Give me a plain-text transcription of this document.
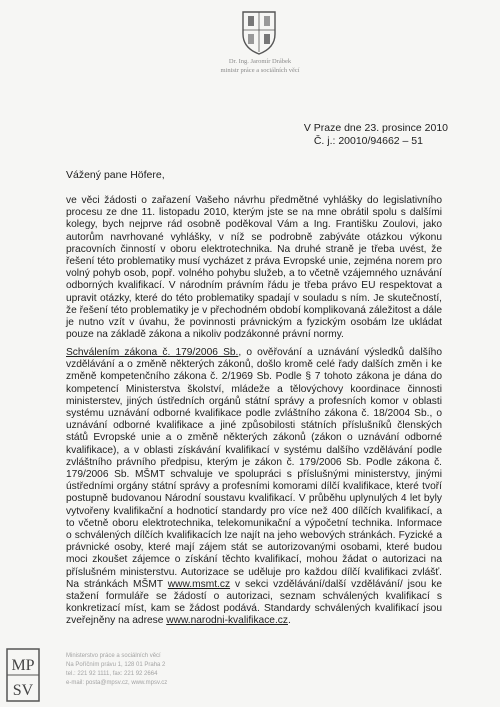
Dr. Ing. Jaromír Drábek
ministr práce a sociálních věcí
V Praze dne 23. prosince 2010
Č. j.: 20010/94662 – 51
Vážený pane Höfere,

ve věci žádosti o zařazení Vašeho návrhu předmětné vyhlášky do legislativního procesu ze dne 11. listopadu 2010, kterým jste se na mne obrátil spolu s dalšími kolegy, bych nejprve rád osobně poděkoval Vám a Ing. Františku Zoulovi, jako autorům navrhované vyhlášky, v níž se podrobně zabýváte otázkou výkonu pracovních činností v oboru elektrotechnika. Na druhé straně je třeba uvést, že řešení této problematiky musí vycházet z práva Evropské unie, zejména norem pro volný pohyb osob, popř. volného pohybu služeb, a to včetně vzájemného uznávání odborných kvalifikací. V národním právním řádu je třeba právo EU respektovat a upravit otázky, které do této problematiky spadají v souladu s ním. Je skutečností, že řešení této problematiky je v přechodném období komplikovaná záležitost a dále je nutno vzít v úvahu, že povinnosti právnickým a fyzickým osobám lze ukládat pouze na základě zákona a nikoliv podzákonné právní normy.

Schválením zákona č. 179/2006 Sb., o ověřování a uznávání výsledků dalšího vzdělávání a o změně některých zákonů, došlo kromě celé řady dalších změn i ke změně kompetenčního zákona č. 2/1969 Sb. Podle § 7 tohoto zákona je dána do kompetencí Ministerstva školství, mládeže a tělovýchovy koordinace činnosti ministerstev, jiných ústředních orgánů státní správy a profesních komor v oblasti systému uznávání odborné kvalifikace podle zvláštního zákona č. 18/2004 Sb., o uznávání odborné kvalifikace a jiné způsobilosti státních příslušníků členských států Evropské unie a o změně některých zákonů (zákon o uznávání odborné kvalifikace), a v oblasti získávání kvalifikací v systému dalšího vzdělávání podle zvláštního právního předpisu, kterým je zákon č. 179/2006 Sb. Podle zákona č. 179/2006 Sb. MŠMT schvaluje ve spolupráci s příslušnými ministerstvy, jinými ústředními orgány státní správy a profesními komorami dílčí kvalifikace, které tvoří postupně budovanou Národní soustavu kvalifikací. V průběhu uplynulých 4 let byly vytvořeny kvalifikační a hodnoticí standardy pro více než 400 dílčích kvalifikací, a to včetně oboru elektrotechnika, telekomunikační a výpočetní technika. Informace o schválených dílčích kvalifikacích lze najít na jeho webových stránkách. Fyzické a právnické osoby, které mají zájem stát se autorizovanými osobami, které budou moci zkoušet zájemce o získání těchto kvalifikací, mohou žádat o autorizaci na příslušném ministerstvu. Autorizace se uděluje pro každou dílčí kvalifikaci zvlášť. Na stránkách MŠMT www.msmt.cz v sekci vzdělávání/další vzdělávání/ jsou ke stažení formuláře se žádostí o autorizaci, seznam schválených kvalifikací s konkretizací míst, kam se žádost podává. Standardy schválených kvalifikací jsou zveřejněny na adrese www.narodni-kvalifikace.cz.

MP
SV
Ministerstvo práce a sociálních věcí
Na Poříčním právu 1, 128 01 Praha 2
tel.: 221 92 1111, fax: 221 92 2664
e-mail: posta@mpsv.cz, www.mpsv.cz
